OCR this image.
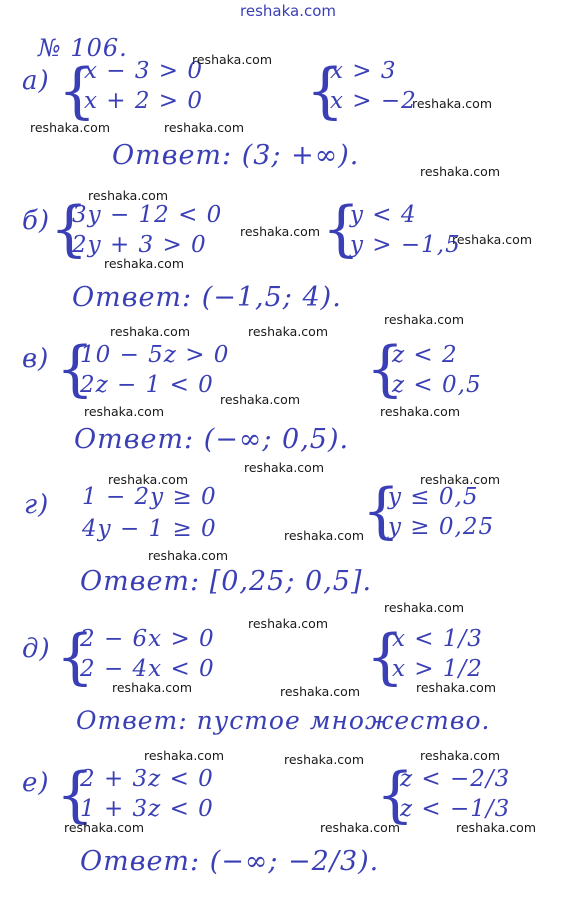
reshaka.com
№ 106.
а) {
x − 3 > 0
x + 2 > 0 {
x > 3
x > −2
Ответ: (3; +∞).
б) {
3y − 12 < 0
2y + 3 > 0 {
y < 4
y > −1,5
Ответ: (−1,5; 4).
в) {
10 − 5z > 0
2z − 1 < 0	{
z < 2
z < 0,5
Ответ: (−∞; 0,5).
г) 1 − 2y ≥ 0
4y − 1 ≥ 0 {
y ≤ 0,5
y ≥ 0,25
Ответ: [0,25; 0,5].
д) {
2 − 6x > 0
2 − 4x < 0	{
x < 1/3
x > 1/2
Ответ: пустое множество.
е) {
2 + 3z < 0
1 + 3z < 0	{
z < −2/3
z < −1/3
Ответ: (−∞; −2/3).
reshaka.com
reshaka.com
reshaka.com	reshaka.com
reshaka.com
reshaka.com
reshaka.com
reshaka.com
reshaka.com
reshaka.com	reshaka.com
reshaka.com
reshaka.com
reshaka.com	reshaka.com
reshaka.com
reshaka.com	reshaka.com
reshaka.com
reshaka.com
reshaka.com
reshaka.com
reshaka.com	reshaka.com	reshaka.com
reshaka.com	reshaka.com
reshaka.com
reshaka.com	reshaka.com	reshaka.com
